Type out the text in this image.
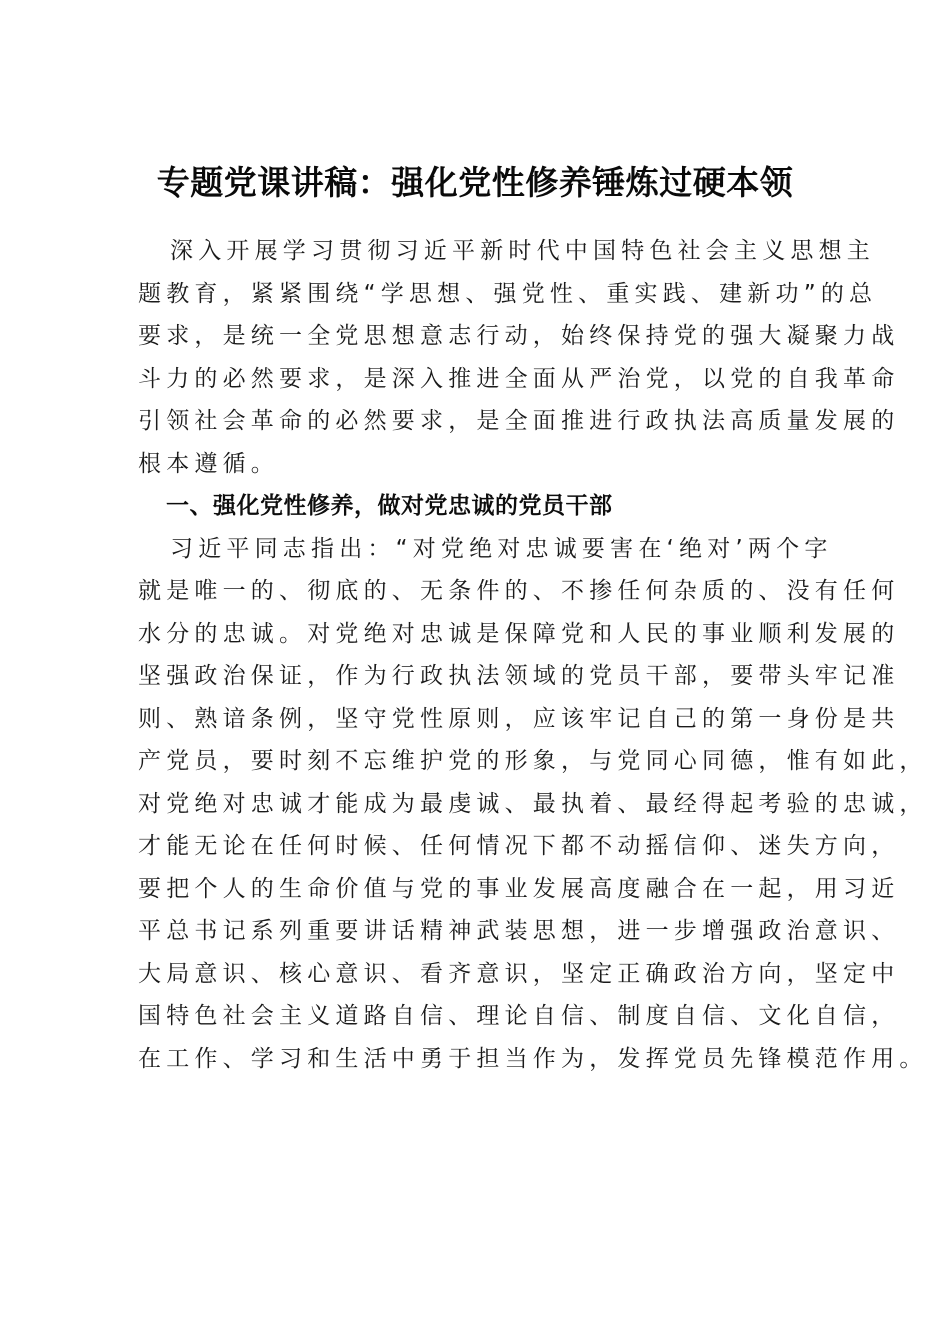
专题党课讲稿：强化党性修养锤炼过硬本领
深入开展学习贯彻习近平新时代中国特色社会主义思想主
题教育，紧紧围绕“学思想、强党性、重实践、建新功”的总
要求，是统一全党思想意志行动，始终保持党的强大凝聚力战
斗力的必然要求，是深入推进全面从严治党，以党的自我革命
引领社会革命的必然要求，是全面推进行政执法高质量发展的
根本遵循。
一、强化党性修养，做对党忠诚的党员干部
习近平同志指出：“对党绝对忠诚要害在‘绝对’两个字
就是唯一的、彻底的、无条件的、不掺任何杂质的、没有任何
水分的忠诚。对党绝对忠诚是保障党和人民的事业顺利发展的
坚强政治保证，作为行政执法领域的党员干部，要带头牢记准
则、熟谙条例，坚守党性原则，应该牢记自己的第一身份是共
产党员，要时刻不忘维护党的形象，与党同心同德，惟有如此，
对党绝对忠诚才能成为最虔诚、最执着、最经得起考验的忠诚，
才能无论在任何时候、任何情况下都不动摇信仰、迷失方向，
要把个人的生命价值与党的事业发展高度融合在一起，用习近
平总书记系列重要讲话精神武装思想，进一步增强政治意识、
大局意识、核心意识、看齐意识，坚定正确政治方向，坚定中
国特色社会主义道路自信、理论自信、制度自信、文化自信，
在工作、学习和生活中勇于担当作为，发挥党员先锋模范作用。
